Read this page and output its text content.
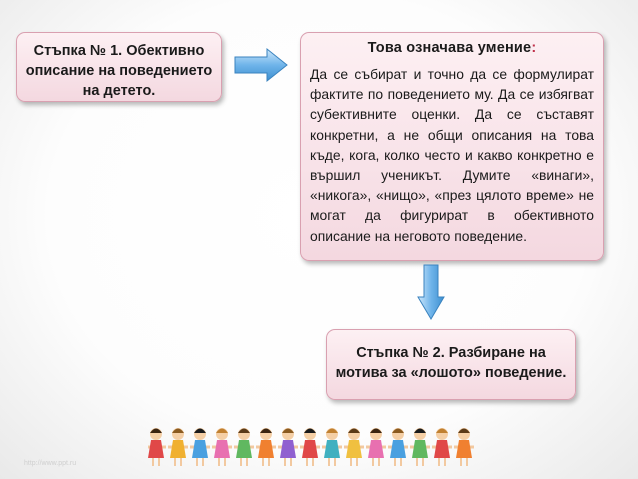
Стъпка № 1. Обективно описание на поведението на детето.
Това означава умение:
Да се събират и точно да се формулират фактите по поведението му. Да се избягват субективните оценки. Да се съставят конкретни, а не общи описания на това къде, кога, колко често и какво конкретно е вършил ученикът. Думите «винаги», «никога», «нищо», «през цялото време» не могат да фигурират в обективното описание на неговото поведение.
Стъпка № 2. Разбиране на мотива за «лошото» поведение.
http://www.ppt.ru
